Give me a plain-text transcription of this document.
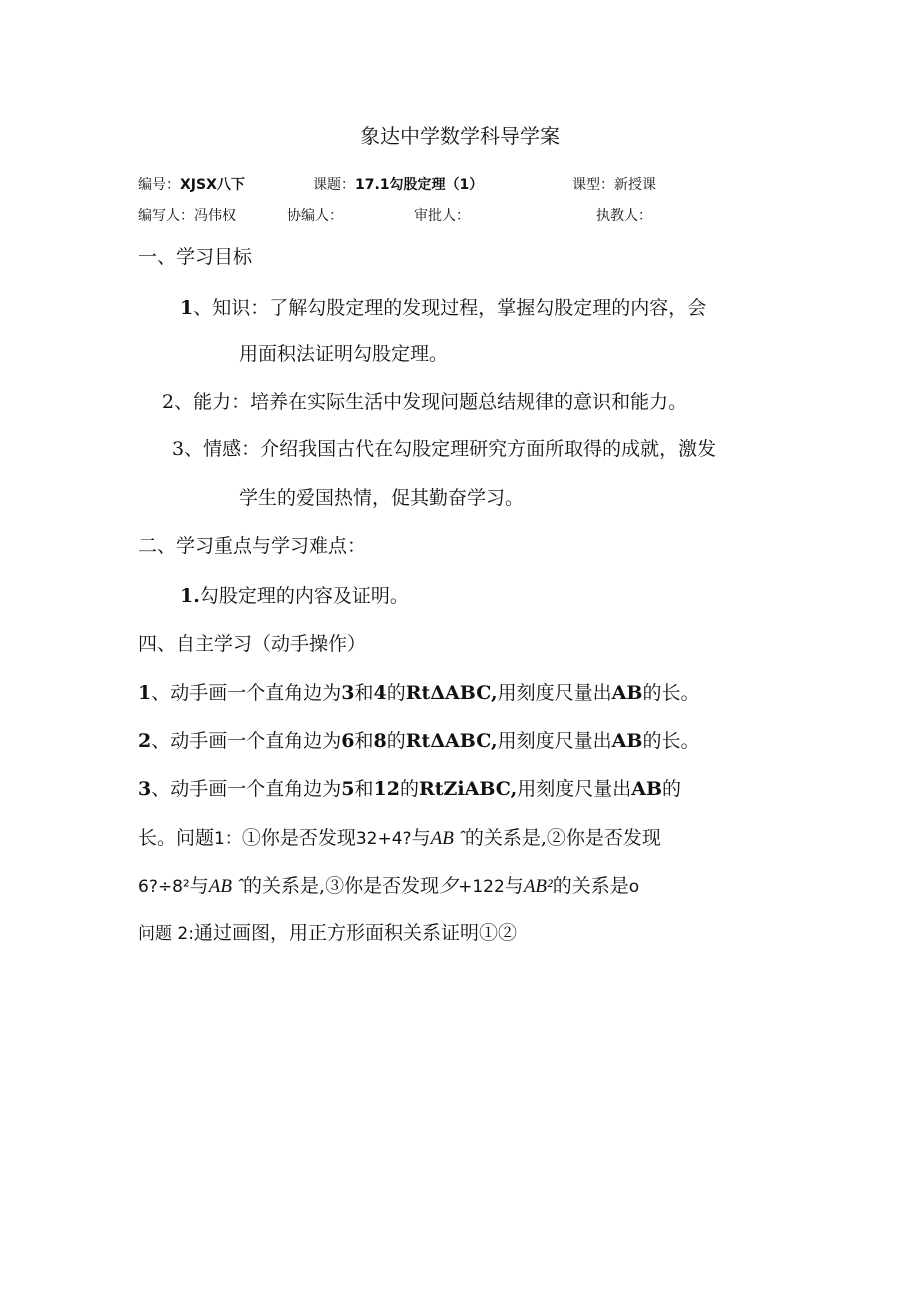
象达中学数学科导学案
编号：XJSX八下	课题：17.1勾股定理（1）	课型：新授课
编写人：冯伟权	协编人：	审批人：	执教人：
一、学习目标
1、知识：了解勾股定理的发现过程，掌握勾股定理的内容，会
用面积法证明勾股定理。
2、能力：培养在实际生活中发现问题总结规律的意识和能力。
3、情感：介绍我国古代在勾股定理研究方面所取得的成就，激发
学生的爱国热情，促其勤奋学习。
二、学习重点与学习难点：
1.勾股定理的内容及证明。
四、自主学习（动手操作）
1、动手画一个直角边为3和4的RtΔABC,用刻度尺量出AB的长。
2、动手画一个直角边为6和8的RtΔABC,用刻度尺量出AB的长。
3、动手画一个直角边为5和12的RtZiABC,用刻度尺量出AB的
长。问题1：①你是否发现32+4?与AB ˆ的关系是,②你是否发现
6?÷8²与AB ˆ的关系是,③你是否发现夕+122与AB²的关系是o
问题 2:通过画图，用正方形面积关系证明①②
